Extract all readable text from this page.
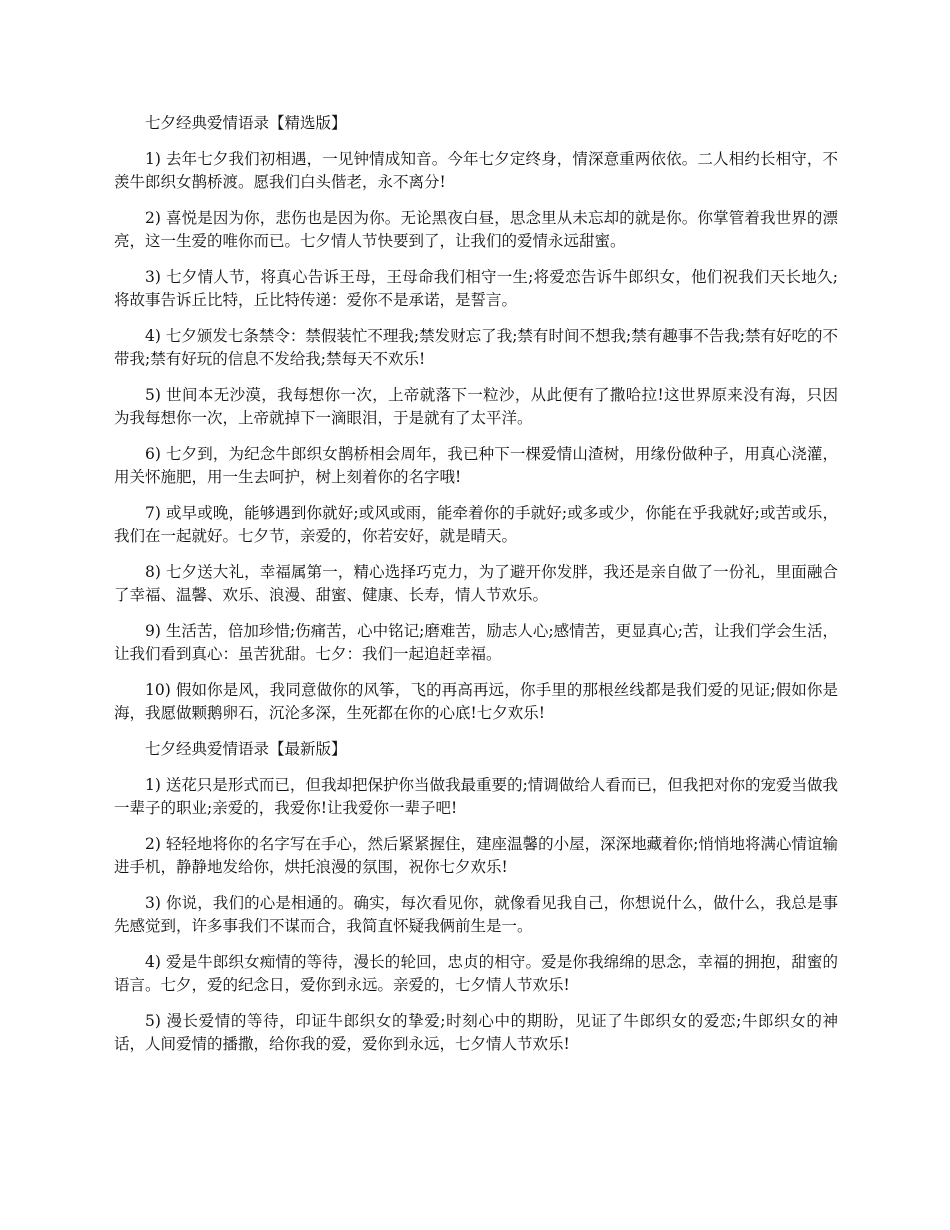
七夕经典爱情语录【精选版】

1) 去年七夕我们初相遇，一见钟情成知音。今年七夕定终身，情深意重两依依。二人相约长相守，不羡牛郎织女鹊桥渡。愿我们白头偕老，永不离分!

2) 喜悦是因为你，悲伤也是因为你。无论黑夜白昼，思念里从未忘却的就是你。你掌管着我世界的漂亮，这一生爱的唯你而已。七夕情人节快要到了，让我们的爱情永远甜蜜。

3) 七夕情人节，将真心告诉王母，王母命我们相守一生;将爱恋告诉牛郎织女，他们祝我们天长地久;将故事告诉丘比特，丘比特传递：爱你不是承诺，是誓言。

4) 七夕颁发七条禁令：禁假装忙不理我;禁发财忘了我;禁有时间不想我;禁有趣事不告我;禁有好吃的不带我;禁有好玩的信息不发给我;禁每天不欢乐!

5) 世间本无沙漠，我每想你一次，上帝就落下一粒沙，从此便有了撒哈拉!这世界原来没有海，只因为我每想你一次，上帝就掉下一滴眼泪，于是就有了太平洋。

6) 七夕到，为纪念牛郎织女鹊桥相会周年，我已种下一棵爱情山渣树，用缘份做种子，用真心浇灌，用关怀施肥，用一生去呵护，树上刻着你的名字哦!

7) 或早或晚，能够遇到你就好;或风或雨，能牵着你的手就好;或多或少，你能在乎我就好;或苦或乐，我们在一起就好。七夕节，亲爱的，你若安好，就是晴天。

8) 七夕送大礼，幸福属第一，精心选择巧克力，为了避开你发胖，我还是亲自做了一份礼，里面融合了幸福、温馨、欢乐、浪漫、甜蜜、健康、长寿，情人节欢乐。

9) 生活苦，倍加珍惜;伤痛苦，心中铭记;磨难苦，励志人心;感情苦，更显真心;苦，让我们学会生活，让我们看到真心：虽苦犹甜。七夕：我们一起追赶幸福。

10) 假如你是风，我同意做你的风筝，飞的再高再远，你手里的那根丝线都是我们爱的见证;假如你是海，我愿做颗鹅卵石，沉沦多深，生死都在你的心底!七夕欢乐!

七夕经典爱情语录【最新版】

1) 送花只是形式而已，但我却把保护你当做我最重要的;情调做给人看而已，但我把对你的宠爱当做我一辈子的职业;亲爱的，我爱你!让我爱你一辈子吧!

2) 轻轻地将你的名字写在手心，然后紧紧握住，建座温馨的小屋，深深地藏着你;悄悄地将满心情谊输进手机，静静地发给你，烘托浪漫的氛围，祝你七夕欢乐!

3) 你说，我们的心是相通的。确实，每次看见你，就像看见我自己，你想说什么，做什么，我总是事先感觉到，许多事我们不谋而合，我简直怀疑我俩前生是一。

4) 爱是牛郎织女痴情的等待，漫长的轮回，忠贞的相守。爱是你我绵绵的思念，幸福的拥抱，甜蜜的语言。七夕，爱的纪念日，爱你到永远。亲爱的，七夕情人节欢乐!

5) 漫长爱情的等待，印证牛郎织女的挚爱;时刻心中的期盼，见证了牛郎织女的爱恋;牛郎织女的神话，人间爱情的播撒，给你我的爱，爱你到永远，七夕情人节欢乐!
